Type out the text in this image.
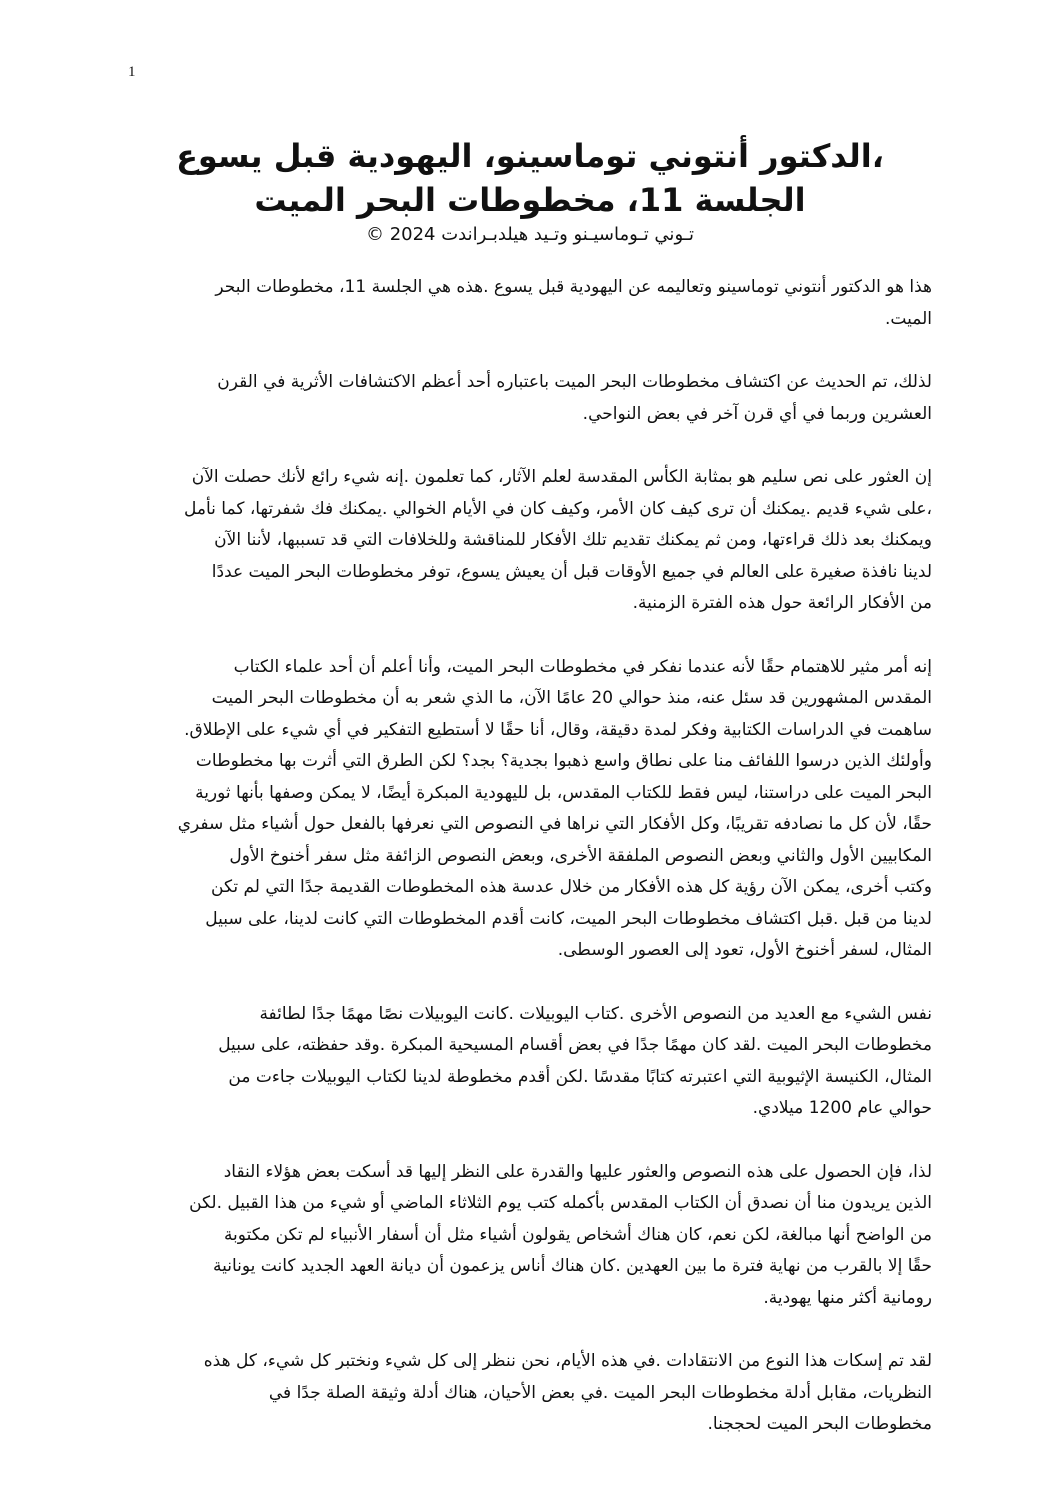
1
،الدكتور أنتوني توماسينو، اليهودية قبل يسوع
الجلسة 11، مخطوطات البحر الميت
تـوني تـوماسيـنو وتـيد هيلدبـراندت 2024 ©
هذا هو الدكتور أنتوني توماسينو وتعاليمه عن اليهودية قبل يسوع .هذه هي الجلسة 11، مخطوطات البحر
الميت.
لذلك، تم الحديث عن اكتشاف مخطوطات البحر الميت باعتباره أحد أعظم الاكتشافات الأثرية في القرن
العشرين وربما في أي قرن آخر في بعض النواحي.
إن العثور على نص سليم هو بمثابة الكأس المقدسة لعلم الآثار، كما تعلمون .إنه شيء رائع لأنك حصلت الآن
،على شيء قديم .يمكنك أن ترى كيف كان الأمر، وكيف كان في الأيام الخوالي .يمكنك فك شفرتها، كما نأمل
ويمكنك بعد ذلك قراءتها، ومن ثم يمكنك تقديم تلك الأفكار للمناقشة وللخلافات التي قد تسببها، لأننا الآن
لدينا نافذة صغيرة على العالم في جميع الأوقات قبل أن يعيش يسوع، توفر مخطوطات البحر الميت عددًا
من الأفكار الرائعة حول هذه الفترة الزمنية.
إنه أمر مثير للاهتمام حقًا لأنه عندما نفكر في مخطوطات البحر الميت، وأنا أعلم أن أحد علماء الكتاب
المقدس المشهورين قد سئل عنه، منذ حوالي 20 عامًا الآن، ما الذي شعر به أن مخطوطات البحر الميت
ساهمت في الدراسات الكتابية وفكر لمدة دقيقة، وقال، أنا حقًا لا أستطيع التفكير في أي شيء على الإطلاق.
وأولئك الذين درسوا اللفائف منا على نطاق واسع ذهبوا بجدية؟ بجد؟ لكن الطرق التي أثرت بها مخطوطات
البحر الميت على دراستنا، ليس فقط للكتاب المقدس، بل لليهودية المبكرة أيضًا، لا يمكن وصفها بأنها ثورية
حقًا، لأن كل ما نصادفه تقريبًا، وكل الأفكار التي نراها في النصوص التي نعرفها بالفعل حول أشياء مثل سفري
المكابيين الأول والثاني وبعض النصوص الملفقة الأخرى، وبعض النصوص الزائفة مثل سفر أخنوخ الأول
وكتب أخرى، يمكن الآن رؤية كل هذه الأفكار من خلال عدسة هذه المخطوطات القديمة جدًا التي لم تكن
لدينا من قبل .قبل اكتشاف مخطوطات البحر الميت، كانت أقدم المخطوطات التي كانت لدينا، على سبيل
المثال، لسفر أخنوخ الأول، تعود إلى العصور الوسطى.
نفس الشيء مع العديد من النصوص الأخرى .كتاب اليوبيلات .كانت اليوبيلات نصًا مهمًا جدًا لطائفة
مخطوطات البحر الميت .لقد كان مهمًا جدًا في بعض أقسام المسيحية المبكرة .وقد حفظته، على سبيل
المثال، الكنيسة الإثيوبية التي اعتبرته كتابًا مقدسًا .لكن أقدم مخطوطة لدينا لكتاب اليوبيلات جاءت من
حوالي عام 1200 ميلادي.
لذا، فإن الحصول على هذه النصوص والعثور عليها والقدرة على النظر إليها قد أسكت بعض هؤلاء النقاد
الذين يريدون منا أن نصدق أن الكتاب المقدس بأكمله كتب يوم الثلاثاء الماضي أو شيء من هذا القبيل .لكن
من الواضح أنها مبالغة، لكن نعم، كان هناك أشخاص يقولون أشياء مثل أن أسفار الأنبياء لم تكن مكتوبة
حقًا إلا بالقرب من نهاية فترة ما بين العهدين .كان هناك أناس يزعمون أن ديانة العهد الجديد كانت يونانية
رومانية أكثر منها يهودية.
لقد تم إسكات هذا النوع من الانتقادات .في هذه الأيام، نحن ننظر إلى كل شيء ونختبر كل شيء، كل هذه
النظريات، مقابل أدلة مخطوطات البحر الميت .في بعض الأحيان، هناك أدلة وثيقة الصلة جدًا في
مخطوطات البحر الميت لحججنا.
